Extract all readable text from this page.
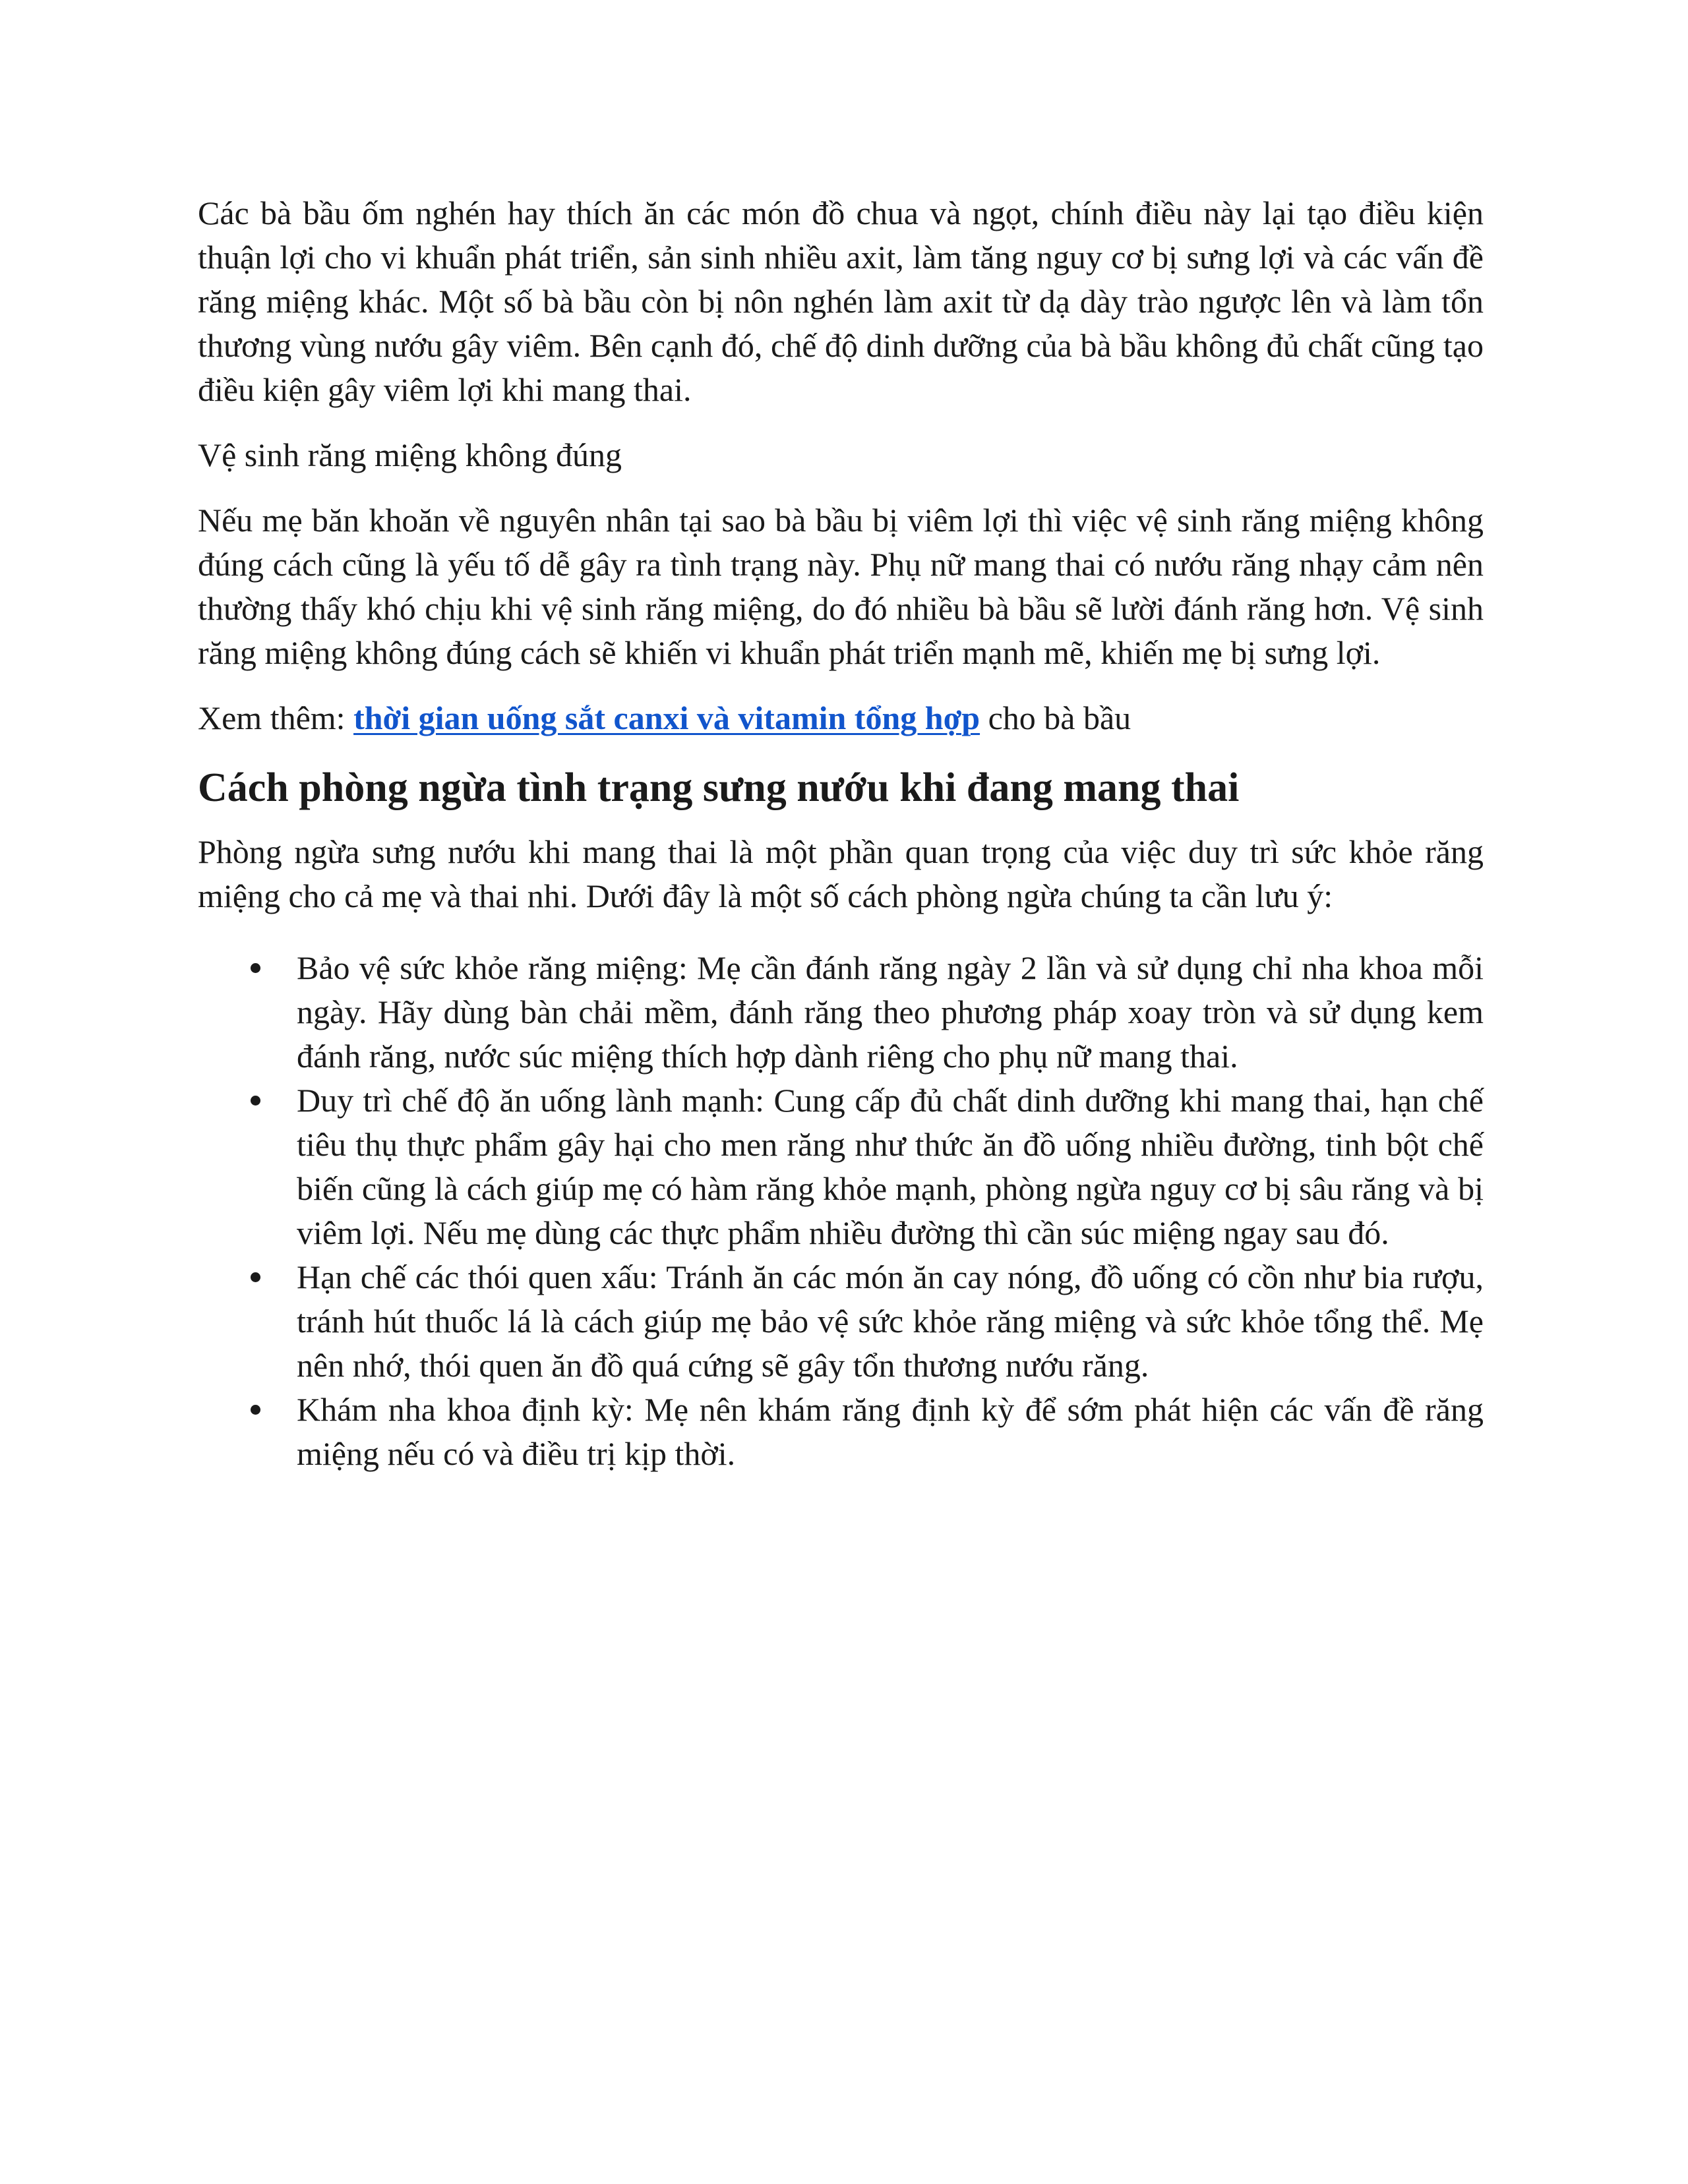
Các bà bầu ốm nghén hay thích ăn các món đồ chua và ngọt, chính điều này lại tạo điều kiện thuận lợi cho vi khuẩn phát triển, sản sinh nhiều axit, làm tăng nguy cơ bị sưng lợi và các vấn đề răng miệng khác. Một số bà bầu còn bị nôn nghén làm axit từ dạ dày trào ngược lên và làm tổn thương vùng nướu gây viêm. Bên cạnh đó, chế độ dinh dưỡng của bà bầu không đủ chất cũng tạo điều kiện gây viêm lợi khi mang thai.

Vệ sinh răng miệng không đúng

Nếu mẹ băn khoăn về nguyên nhân tại sao bà bầu bị viêm lợi thì việc vệ sinh răng miệng không đúng cách cũng là yếu tố dễ gây ra tình trạng này. Phụ nữ mang thai có nướu răng nhạy cảm nên thường thấy khó chịu khi vệ sinh răng miệng, do đó nhiều bà bầu sẽ lười đánh răng hơn. Vệ sinh răng miệng không đúng cách sẽ khiến vi khuẩn phát triển mạnh mẽ, khiến mẹ bị sưng lợi.

Xem thêm: thời gian uống sắt canxi và vitamin tổng hợp cho bà bầu

Cách phòng ngừa tình trạng sưng nướu khi đang mang thai

Phòng ngừa sưng nướu khi mang thai là một phần quan trọng của việc duy trì sức khỏe răng miệng cho cả mẹ và thai nhi. Dưới đây là một số cách phòng ngừa chúng ta cần lưu ý:

Bảo vệ sức khỏe răng miệng: Mẹ cần đánh răng ngày 2 lần và sử dụng chỉ nha khoa mỗi ngày. Hãy dùng bàn chải mềm, đánh răng theo phương pháp xoay tròn và sử dụng kem đánh răng, nước súc miệng thích hợp dành riêng cho phụ nữ mang thai.
Duy trì chế độ ăn uống lành mạnh: Cung cấp đủ chất dinh dưỡng khi mang thai, hạn chế tiêu thụ thực phẩm gây hại cho men răng như thức ăn đồ uống nhiều đường, tinh bột chế biến cũng là cách giúp mẹ có hàm răng khỏe mạnh, phòng ngừa nguy cơ bị sâu răng và bị viêm lợi. Nếu mẹ dùng các thực phẩm nhiều đường thì cần súc miệng ngay sau đó.
Hạn chế các thói quen xấu: Tránh ăn các món ăn cay nóng, đồ uống có cồn như bia rượu, tránh hút thuốc lá là cách giúp mẹ bảo vệ sức khỏe răng miệng và sức khỏe tổng thể. Mẹ nên nhớ, thói quen ăn đồ quá cứng sẽ gây tổn thương nướu răng.
Khám nha khoa định kỳ: Mẹ nên khám răng định kỳ để sớm phát hiện các vấn đề răng miệng nếu có và điều trị kịp thời.
